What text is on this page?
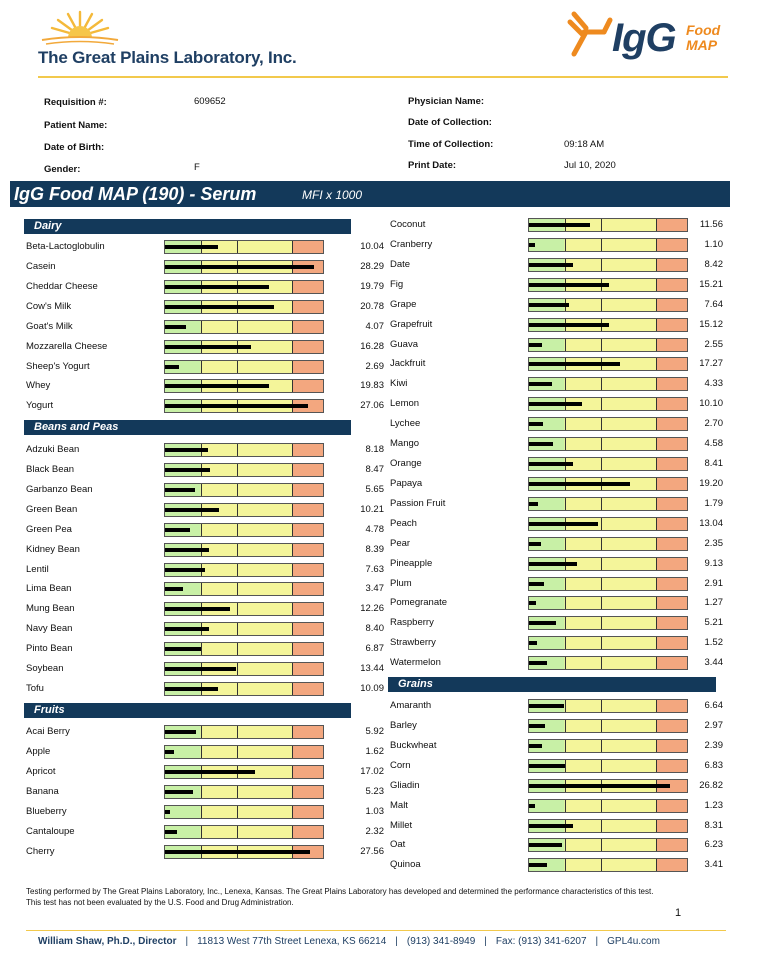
The Great Plains Laboratory, Inc.	IgG Food
MAP
Requisition #:	609652
Patient Name:
Date of Birth:
Gender:	F
Physician Name:
Date of Collection:
Time of Collection:	09:18 AM
Print Date:	Jul 10, 2020
IgG Food MAP (190) - Serum	MFI x 1000
Dairy
Beta-Lactoglobulin	10.04
Casein	28.29
Cheddar Cheese	19.79
Cow's Milk	20.78
Goat's Milk	4.07
Mozzarella Cheese	16.28
Sheep's Yogurt	2.69
Whey	19.83
Yogurt	27.06
Beans and Peas
Adzuki Bean	8.18
Black Bean	8.47
Garbanzo Bean	5.65
Green Bean	10.21
Green Pea	4.78
Kidney Bean	8.39
Lentil	7.63
Lima Bean	3.47
Mung Bean	12.26
Navy Bean	8.40
Pinto Bean	6.87
Soybean	13.44
Tofu	10.09
Fruits
Acai Berry	5.92
Apple	1.62
Apricot	17.02
Banana	5.23
Blueberry	1.03
Cantaloupe	2.32
Cherry	27.56
Coconut	11.56
Cranberry	1.10
Date	8.42
Fig	15.21
Grape	7.64
Grapefruit	15.12
Guava	2.55
Jackfruit	17.27
Kiwi	4.33
Lemon	10.10
Lychee	2.70
Mango	4.58
Orange	8.41
Papaya	19.20
Passion Fruit	1.79
Peach	13.04
Pear	2.35
Pineapple	9.13
Plum	2.91
Pomegranate	1.27
Raspberry	5.21
Strawberry	1.52
Watermelon	3.44
Grains
Amaranth	6.64
Barley	2.97
Buckwheat	2.39
Corn	6.83
Gliadin	26.82
Malt	1.23
Millet	8.31
Oat	6.23
Quinoa	3.41
Testing performed by The Great Plains Laboratory, Inc., Lenexa, Kansas. The Great Plains Laboratory has developed and determined the performance characteristics of this test. This test has not been evaluated by the U.S. Food and Drug Administration.
1
William Shaw, Ph.D., Director | 11813 West 77th Street Lenexa, KS 66214 | (913) 341-8949 | Fax: (913) 341-6207 | GPL4u.com
